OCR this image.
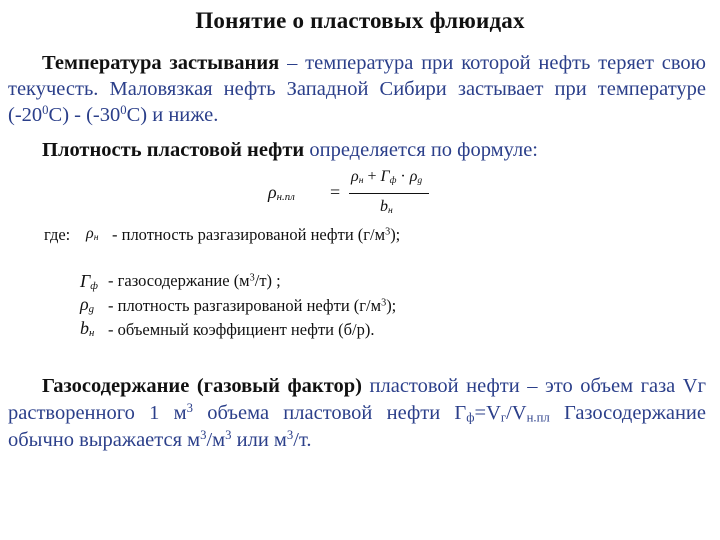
Понятие о пластовых флюидах
Температура застывания – температура при которой нефть теряет свою текучесть. Маловязкая нефть Западной Сибири застывает при температуре $(-20^0С) - (-30^0С)$ и ниже.
Плотность пластовой нефти определяется по формуле:
$\rho_{н.пл}$ =
$\rho_н + Г_ф \cdot \rho_g$
$b_н$
где: $\rho_н$ - плотность разгазированой нефти $(г/м^3)$;
$Г_ф$ - газосодержание $(м^3/т)$ ;
$\rho_g$ - плотность разгазированой нефти $(г/м^3)$;
$b_н$ - объемный коэффициент нефти (б/р).
Газосодержание (газовый фактор) пластовой нефти – это объем газа Vг растворенного 1 $м^3$ объема пластовой нефти $Г_ф=V_г/V_{н.пл}$ Газосодержание обычно выражается $м^3/м^3$ или $м^3/т$.
